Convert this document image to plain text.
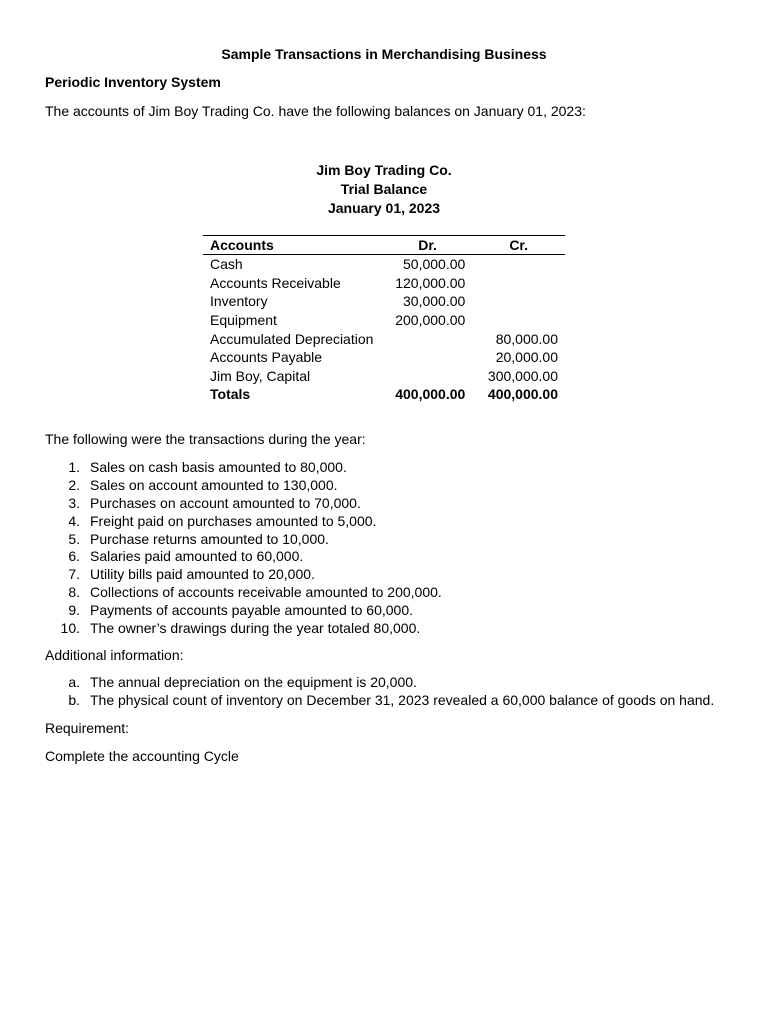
Sample Transactions in Merchandising Business
Periodic Inventory System
The accounts of Jim Boy Trading Co. have the following balances on January 01, 2023:
Jim Boy Trading Co.
Trial Balance
January 01, 2023
Accounts	Dr.	Cr.
Cash	50,000.00	
Accounts Receivable	120,000.00	
Inventory	30,000.00	
Equipment	200,000.00	
Accumulated Depreciation		80,000.00
Accounts Payable		20,000.00
Jim Boy, Capital		300,000.00
Totals	400,000.00	400,000.00
The following were the transactions during the year:
1. Sales on cash basis amounted to 80,000.
2. Sales on account amounted to 130,000.
3. Purchases on account amounted to 70,000.
4. Freight paid on purchases amounted to 5,000.
5. Purchase returns amounted to 10,000.
6. Salaries paid amounted to 60,000.
7. Utility bills paid amounted to 20,000.
8. Collections of accounts receivable amounted to 200,000.
9. Payments of accounts payable amounted to 60,000.
10. The owner’s drawings during the year totaled 80,000.
Additional information:
a. The annual depreciation on the equipment is 20,000.
b. The physical count of inventory on December 31, 2023 revealed a 60,000 balance of goods on hand.
Requirement:
Complete the accounting Cycle
